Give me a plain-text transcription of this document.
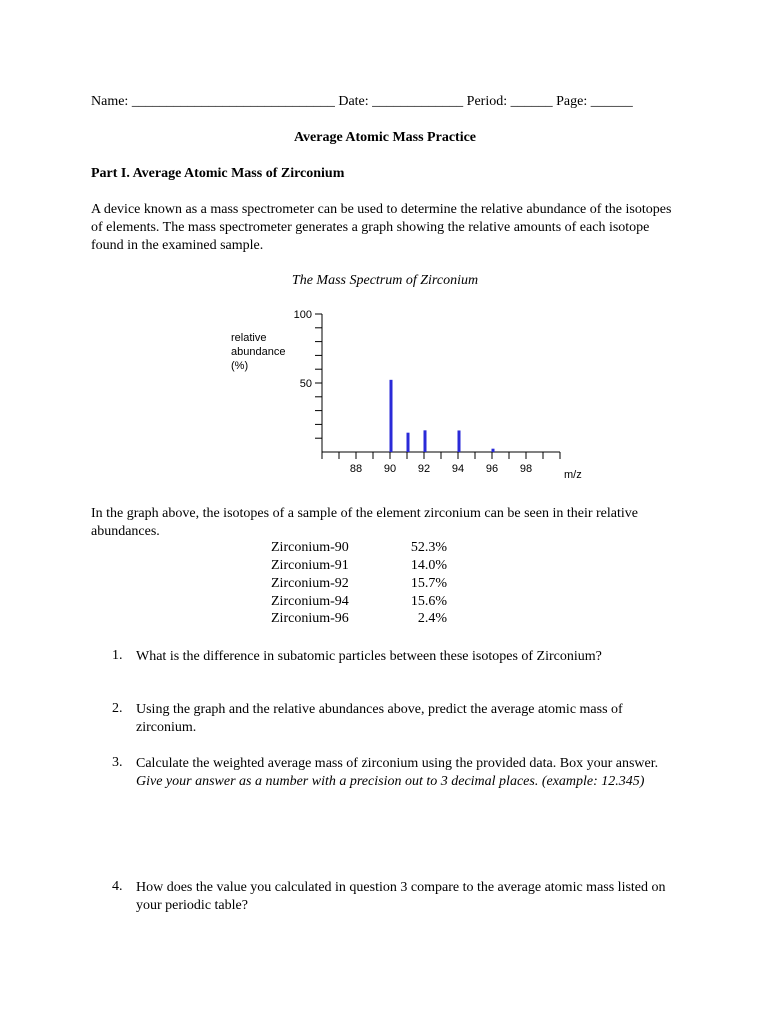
Name: _____________________________ Date: _____________ Period: ______ Page: ______
Average Atomic Mass Practice
Part I. Average Atomic Mass of Zirconium
A device known as a mass spectrometer can be used to determine the relative abundance of the isotopes of elements. The mass spectrometer generates a graph showing the relative amounts of each isotope found in the examined sample.
The Mass Spectrum of Zirconium
relative
abundance
(%)
88 90 92 94 96 98
50
100
m/z
In the graph above, the isotopes of a sample of the element zirconium can be seen in their relative abundances.
Zirconium-90	52.3%
Zirconium-91	14.0%
Zirconium-92	15.7%
Zirconium-94	15.6%
Zirconium-96	2.4%
1. What is the difference in subatomic particles between these isotopes of Zirconium?
2. Using the graph and the relative abundances above, predict the average atomic mass of zirconium.
3. Calculate the weighted average mass of zirconium using the provided data. Box your answer. Give your answer as a number with a precision out to 3 decimal places. (example: 12.345)
4. How does the value you calculated in question 3 compare to the average atomic mass listed on your periodic table?
